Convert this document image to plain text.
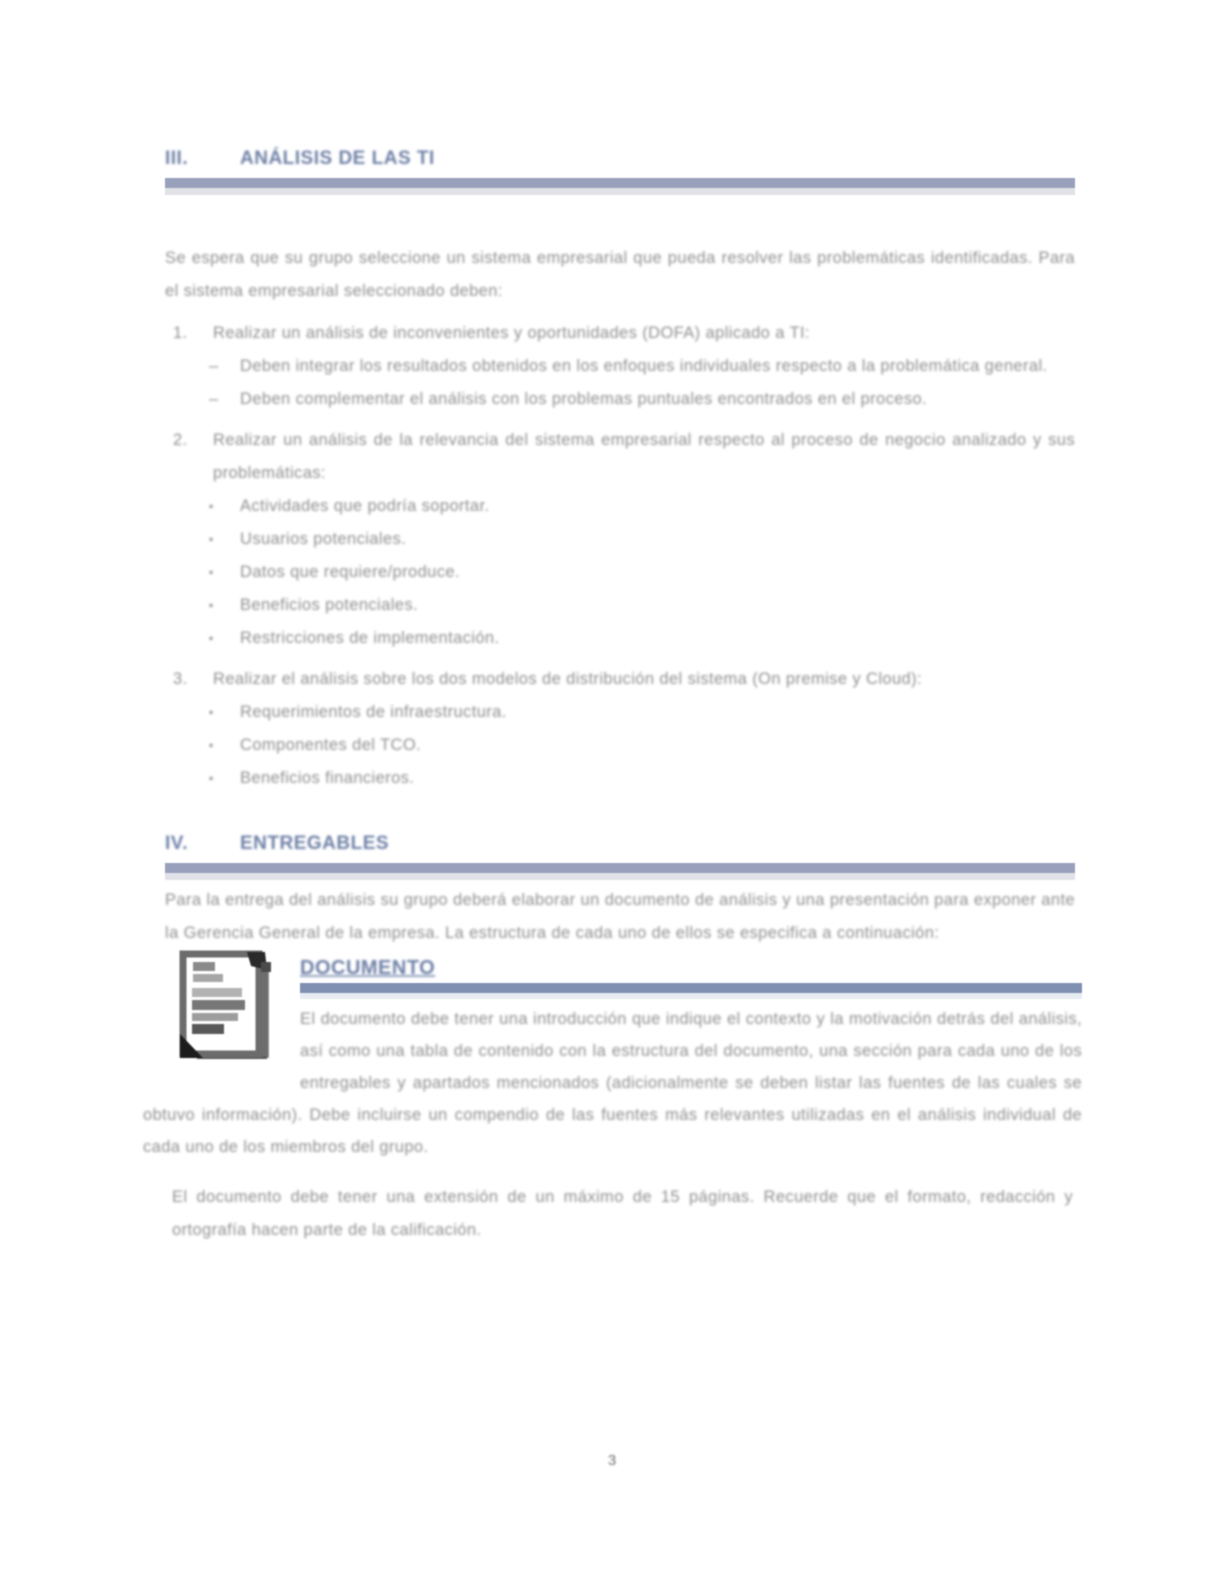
III.	ANÁLISIS DE LAS TI

Se espera que su grupo seleccione un sistema empresarial que pueda resolver las problemáticas identificadas. Para el sistema empresarial seleccionado deben:

1.	Realizar un análisis de inconvenientes y oportunidades (DOFA) aplicado a TI:
–	Deben integrar los resultados obtenidos en los enfoques individuales respecto a la problemática general.
–	Deben complementar el análisis con los problemas puntuales encontrados en el proceso.
2.	Realizar un análisis de la relevancia del sistema empresarial respecto al proceso de negocio analizado y sus problemáticas:
▪	Actividades que podría soportar.
▪	Usuarios potenciales.
▪	Datos que requiere/produce.
▪	Beneficios potenciales.
▪	Restricciones de implementación.
3.	Realizar el análisis sobre los dos modelos de distribución del sistema (On premise y Cloud):
▪	Requerimientos de infraestructura.
▪	Componentes del TCO.
▪	Beneficios financieros.
IV.	ENTREGABLES

Para la entrega del análisis su grupo deberá elaborar un documento de análisis y una presentación para exponer ante la Gerencia General de la empresa. La estructura de cada uno de ellos se especifica a continuación:

DOCUMENTO

El documento debe tener una introducción que indique el contexto y la motivación detrás del análisis, así como una tabla de contenido con la estructura del documento, una sección para cada uno de los entregables y apartados mencionados (adicionalmente se deben listar las fuentes de las cuales se obtuvo información). Debe incluirse un compendio de las fuentes más relevantes utilizadas en el análisis individual de cada uno de los miembros del grupo.

El documento debe tener una extensión de un máximo de 15 páginas. Recuerde que el formato, redacción y ortografía hacen parte de la calificación.

3
